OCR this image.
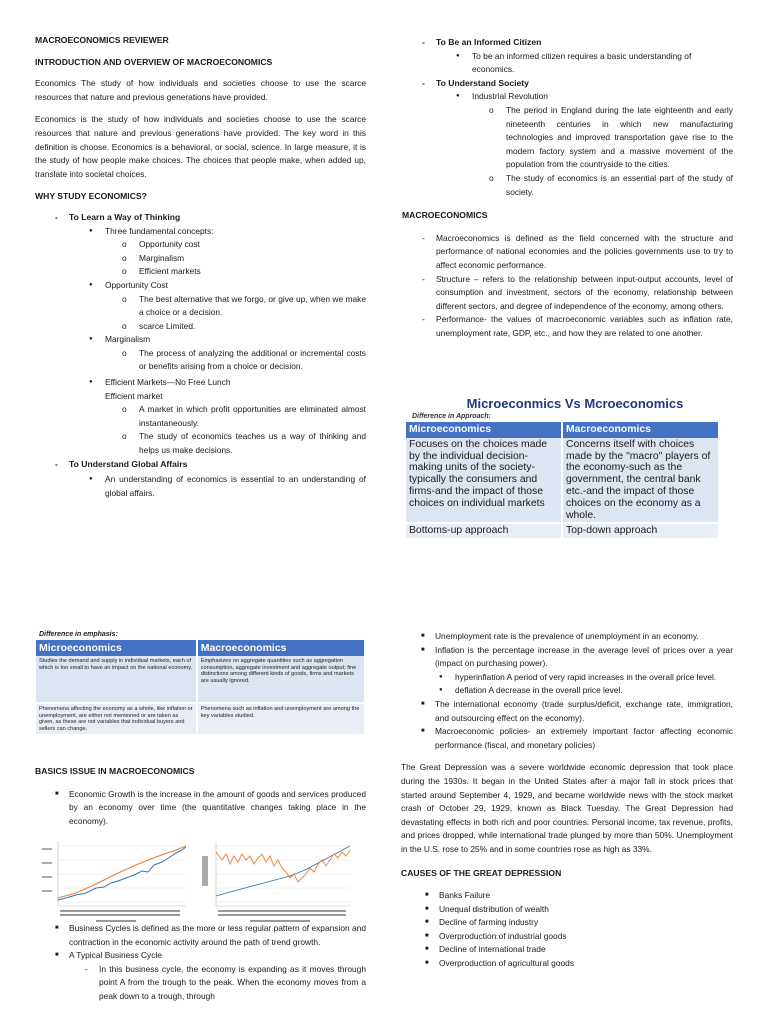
MACROECONOMICS REVIEWER
INTRODUCTION AND OVERVIEW OF MACROECONOMICS
Economics The study of how individuals and societies choose to use the scarce resources that nature and previous generations have provided.
Economics is the study of how individuals and societies choose to use the scarce resources that nature and previous generations have provided. The key word in this definition is choose. Economics is a behavioral, or social, science. In large measure, it is the study of how people make choices. The choices that people make, when added up, translate into societal choices.
WHY STUDY ECONOMICS?
- To Learn a Way of Thinking
● Three fundamental concepts:
o Opportunity cost
o Marginalism
o Efficient markets
● Opportunity Cost
o The best alternative that we forgo, or give up, when we make a choice or a decision.
o scarce Limited.
● Marginalism
o The process of analyzing the additional or incremental costs or benefits arising from a choice or decision.
● Efficient Markets—No Free Lunch
Efficient market
o A market in which profit opportunities are eliminated almost instantaneously.
o The study of economics teaches us a way of thinking and helps us make decisions.
- To Understand Global Affairs
● An understanding of economics is essential to an understanding of global affairs.
- To Be an Informed Citizen
● To be an informed citizen requires a basic understanding of economics.
- To Understand Society
● Industrial Revolution
o The period in England during the late eighteenth and early nineteenth centuries in which new manufacturing technologies and improved transportation gave rise to the modern factory system and a massive movement of the population from the countryside to the cities.
o The study of economics is an essential part of the study of society.
MACROECONOMICS
- Macroeconomics is defined as the field concerned with the structure and performance of national economies and the policies governments use to try to affect economic performance.
- Structure – refers to the relationship between input-output accounts, level of consumption and investment, sectors of the economy, relationship between different sectors, and degree of independence of the economy, among others.
- Performance- the values of macroeconomic variables such as inflation rate, unemployment rate, GDP, etc., and how they are related to one another.
Microeconmics Vs Mcroeconomics
Difference in Approach:
Microeconomics	Macroeconomics
Focuses on the choices made by the individual decision-making units of the society-typically the consumers and firms-and the impact of those choices on individual markets	Concerns itself with choices made by the "macro" players of the economy-such as the government, the central bank etc.-and the impact of those choices on the economy as a whole.
Bottoms-up approach	Top-down approach
Difference in emphasis:
Microeconomics	Macroeconomics
Studies the demand and supply in individual markets, each of which is too small to have an impact on the national economy.	Emphasizes on aggregate quantities such as aggregation consumption, aggregate investment and aggregate output; fine distinctions among different kinds of goods, firms and markets are usually ignored.
Phenomena affecting the economy as a whole, like inflation or unemployment, are either not mentioned or are taken as given, as these are not variables that individual buyers and sellers can change.	Phenomena such as inflation and unemployment are among the key variables studied.
BASICS ISSUE IN MACROECONOMICS
■ Economic Growth is the increase in the amount of goods and services produced by an economy over time (the quantitative changes taking place in the economy).
■ Business Cycles is defined as the more or less regular pattern of expansion and contraction in the economic activity around the path of trend growth.
■ A Typical Business Cycle
- In this business cycle, the economy is expanding as it moves through point A from the trough to the peak. When the economy moves from a peak down to a trough, through
■ Unemployment rate is the prevalence of unemployment in an economy.
■ Inflation is the percentage increase in the average level of prices over a year (impact on purchasing power).
● hyperinflation A period of very rapid increases in the overall price level.
● deflation A decrease in the overall price level.
■ The international economy (trade surplus/deficit, exchange rate, immigration, and outsourcing effect on the economy).
■ Macroeconomic policies- an extremely important factor affecting economic performance (fiscal, and monetary policies)
The Great Depression was a severe worldwide economic depression that took place during the 1930s. It began in the United States after a major fall in stock prices that started around September 4, 1929, and became worldwide news with the stock market crash of October 29, 1929, known as Black Tuesday. The Great Depression had devastating effects in both rich and poor countries. Personal income, tax revenue, profits, and prices dropped, while international trade plunged by more than 50%. Unemployment in the U.S. rose to 25% and in some countries rose as high as 33%.
CAUSES OF THE GREAT DEPRESSION
■ Banks Failure
■ Unequal distribution of wealth
■ Decline of farming industry
■ Overproduction of industrial goods
■ Decline of international trade
■ Overproduction of agricultural goods
